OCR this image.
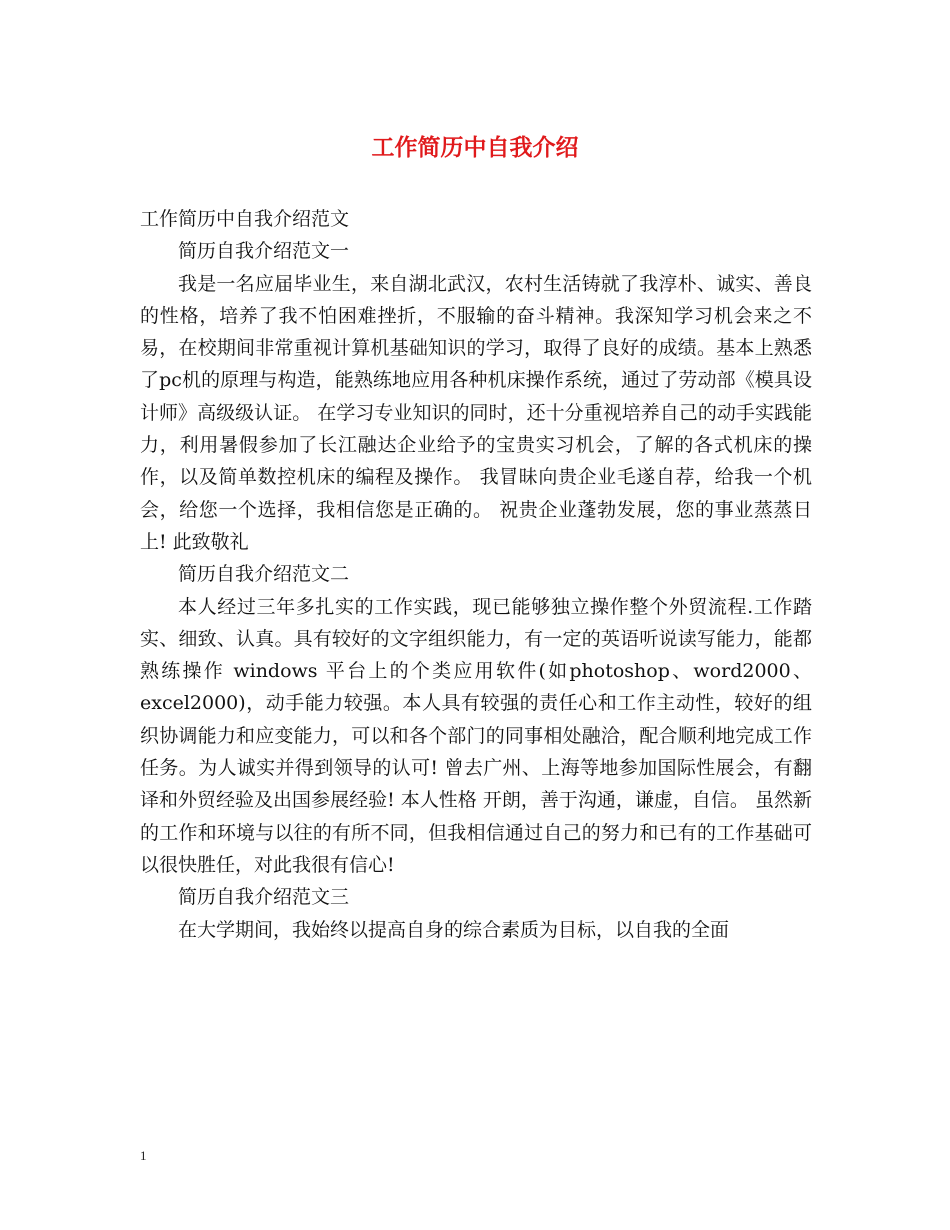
工作简历中自我介绍

工作简历中自我介绍范文

简历自我介绍范文一

我是一名应届毕业生，来自湖北武汉，农村生活铸就了我淳朴、诚实、善良的性格，培养了我不怕困难挫折，不服输的奋斗精神。我深知学习机会来之不易，在校期间非常重视计算机基础知识的学习，取得了良好的成绩。基本上熟悉了pc机的原理与构造，能熟练地应用各种机床操作系统，通过了劳动部《模具设计师》高级级认证。 在学习专业知识的同时，还十分重视培养自己的动手实践能力，利用暑假参加了长江融达企业给予的宝贵实习机会，了解的各式机床的操作，以及简单数控机床的编程及操作。 我冒昧向贵企业毛遂自荐，给我一个机会，给您一个选择，我相信您是正确的。 祝贵企业蓬勃发展，您的事业蒸蒸日上! 此致敬礼

简历自我介绍范文二

本人经过三年多扎实的工作实践，现已能够独立操作整个外贸流程.工作踏实、细致、认真。具有较好的文字组织能力，有一定的英语听说读写能力，能都熟练操作 windows 平台上的个类应用软件(如photoshop、word2000、excel2000)，动手能力较强。本人具有较强的责任心和工作主动性，较好的组织协调能力和应变能力，可以和各个部门的同事相处融洽，配合顺利地完成工作任务。为人诚实并得到领导的认可! 曾去广州、上海等地参加国际性展会，有翻译和外贸经验及出国参展经验! 本人性格 开朗，善于沟通，谦虚，自信。 虽然新的工作和环境与以往的有所不同，但我相信通过自己的努力和已有的工作基础可以很快胜任，对此我很有信心!

简历自我介绍范文三

在大学期间，我始终以提高自身的综合素质为目标，以自我的全面

1
